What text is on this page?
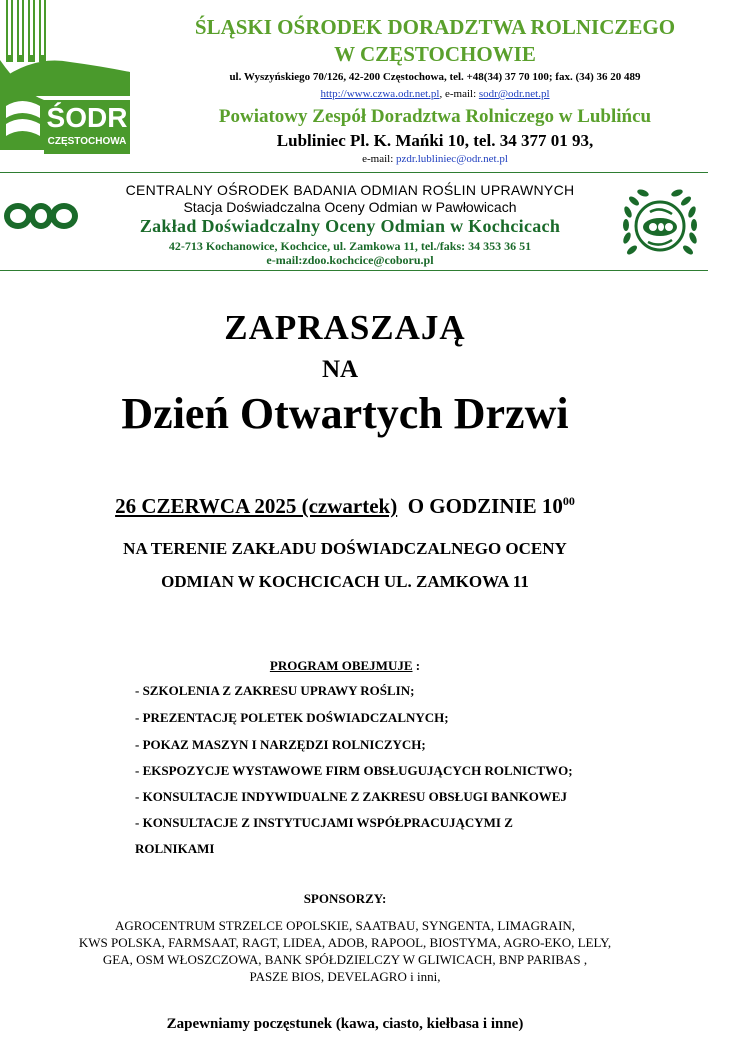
ŚODR
CZĘSTOCHOWA
ŚLĄSKI OŚRODEK DORADZTWA ROLNICZEGO
W CZĘSTOCHOWIE
ul. Wyszyńskiego 70/126, 42-200 Częstochowa, tel. +48(34) 37 70 100; fax. (34) 36 20 489
http://www.czwa.odr.net.pl, e-mail: sodr@odr.net.pl
Powiatowy Zespół Doradztwa Rolniczego w Lublińcu
Lubliniec Pl. K. Mańki 10, tel. 34 377 01 93,
e-mail: pzdr.lubliniec@odr.net.pl
CENTRALNY OŚRODEK BADANIA ODMIAN ROŚLIN UPRAWNYCH
Stacja Doświadczalna Oceny Odmian w Pawłowicach
Zakład Doświadczalny Oceny Odmian w Kochcicach
42-713 Kochanowice, Kochcice, ul. Zamkowa 11, tel./faks: 34 353 36 51
e-mail:zdoo.kochcice@coboru.pl
ZAPRASZAJĄ
NA
Dzień Otwartych Drzwi
26 CZERWCA 2025 (czwartek) O GODZINIE $10^{00}$
NA TERENIE ZAKŁADU DOŚWIADCZALNEGO OCENY
ODMIAN W KOCHCICACH UL. ZAMKOWA 11
PROGRAM OBEJMUJE :
- SZKOLENIA Z ZAKRESU UPRAWY ROŚLIN;
- PREZENTACJĘ POLETEK DOŚWIADCZALNYCH;
- POKAZ MASZYN I NARZĘDZI ROLNICZYCH;
- EKSPOZYCJE WYSTAWOWE FIRM OBSŁUGUJĄCYCH ROLNICTWO;
- KONSULTACJE INDYWIDUALNE Z ZAKRESU OBSŁUGI BANKOWEJ
- KONSULTACJE Z INSTYTUCJAMI WSPÓŁPRACUJĄCYMI Z
ROLNIKAMI
SPONSORZY:
AGROCENTRUM STRZELCE OPOLSKIE, SAATBAU, SYNGENTA, LIMAGRAIN,
KWS POLSKA, FARMSAAT, RAGT, LIDEA, ADOB, RAPOOL, BIOSTYMA, AGRO-EKO, LELY,
GEA, OSM WŁOSZCZOWA, BANK SPÓŁDZIELCZY W GLIWICACH, BNP PARIBAS ,
PASZE BIOS, DEVELAGRO i inni,
Zapewniamy poczęstunek (kawa, ciasto, kiełbasa i inne)
